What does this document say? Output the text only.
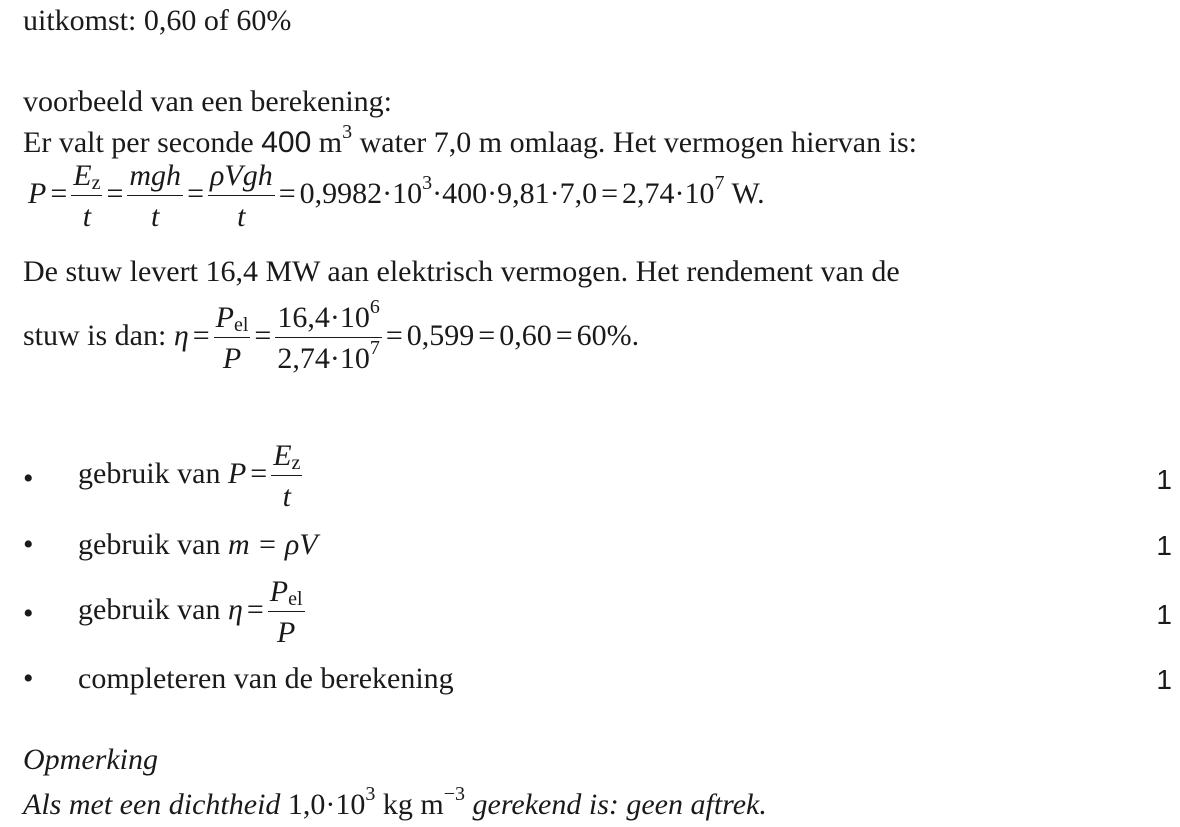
uitkomst: 0,60 of 60%
voorbeeld van een berekening:
Er valt per seconde 400 $m^3$ water 7,0 m omlaag. Het vermogen hiervan is:
$P = \frac{E_z}{t} = \frac{\text{mgh}}{t} = \frac{\text{ρVgh}}{t} = 0,9982\cdot 10^3\cdot 400\cdot 9,81\cdot 7,0 = 2,74\cdot 10^7$ W.
De stuw levert 16,4 MW aan elektrisch vermogen. Het rendement van de
stuw is dan: $\eta = \frac{P_{el}}{P} = \frac{16,4\cdot 10^6}{2,74\cdot 10^7} = 0,599 = 0,60 = 60\%$.
• gebruik van $P = \frac{E_z}{t}$	1
• gebruik van m = ρV	1
• gebruik van $\eta = \frac{P_{el}}{P}$	1
• completeren van de berekening	1
Opmerking
Als met een dichtheid $1,0\cdot 10^3$ kg $m^{-3}$ gerekend is: geen aftrek.
